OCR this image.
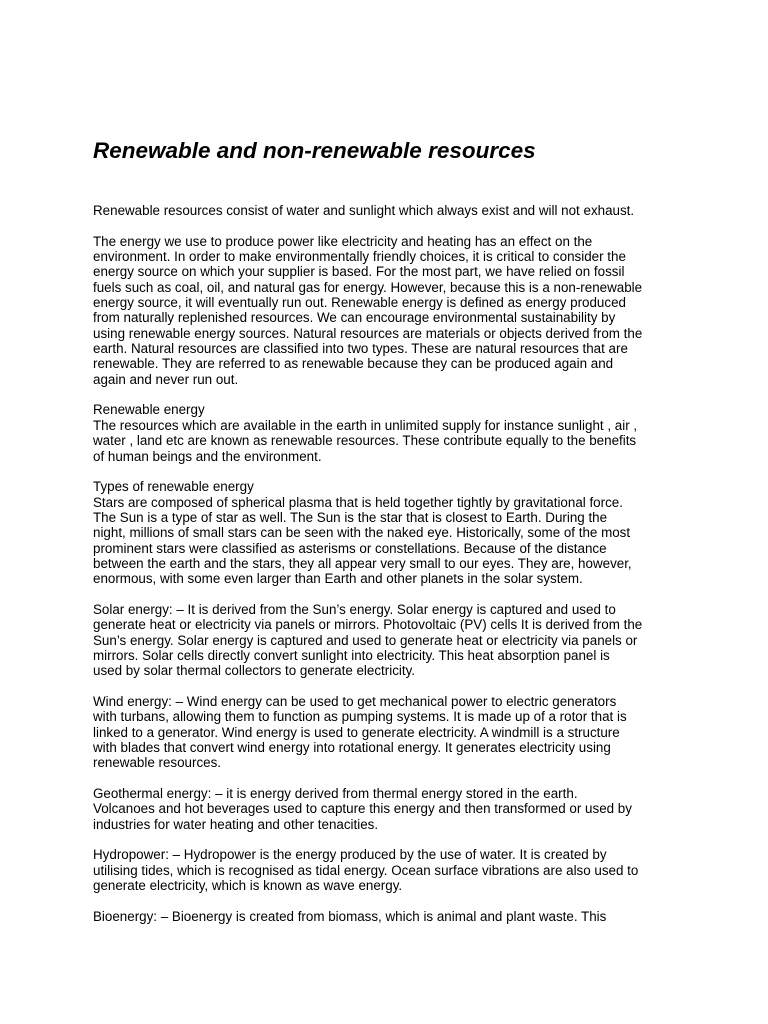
Renewable and non-renewable resources

Renewable resources consist of water and sunlight which always exist and will not exhaust.

The energy we use to produce power like electricity and heating has an effect on the
environment. In order to make environmentally friendly choices, it is critical to consider the
energy source on which your supplier is based. For the most part, we have relied on fossil
fuels such as coal, oil, and natural gas for energy. However, because this is a non-renewable
energy source, it will eventually run out. Renewable energy is defined as energy produced
from naturally replenished resources. We can encourage environmental sustainability by
using renewable energy sources. Natural resources are materials or objects derived from the
earth. Natural resources are classified into two types. These are natural resources that are
renewable. They are referred to as renewable because they can be produced again and
again and never run out.

Renewable energy
The resources which are available in the earth in unlimited supply for instance sunlight , air ,
water , land etc are known as renewable resources. These contribute equally to the benefits
of human beings and the environment.

Types of renewable energy
Stars are composed of spherical plasma that is held together tightly by gravitational force.
The Sun is a type of star as well. The Sun is the star that is closest to Earth. During the
night, millions of small stars can be seen with the naked eye. Historically, some of the most
prominent stars were classified as asterisms or constellations. Because of the distance
between the earth and the stars, they all appear very small to our eyes. They are, however,
enormous, with some even larger than Earth and other planets in the solar system.

Solar energy: – It is derived from the Sun’s energy. Solar energy is captured and used to
generate heat or electricity via panels or mirrors. Photovoltaic (PV) cells It is derived from the
Sun’s energy. Solar energy is captured and used to generate heat or electricity via panels or
mirrors. Solar cells directly convert sunlight into electricity. This heat absorption panel is
used by solar thermal collectors to generate electricity.

Wind energy: – Wind energy can be used to get mechanical power to electric generators
with turbans, allowing them to function as pumping systems. It is made up of a rotor that is
linked to a generator. Wind energy is used to generate electricity. A windmill is a structure
with blades that convert wind energy into rotational energy. It generates electricity using
renewable resources.

Geothermal energy: – it is energy derived from thermal energy stored in the earth.
Volcanoes and hot beverages used to capture this energy and then transformed or used by
industries for water heating and other tenacities.

Hydropower: – Hydropower is the energy produced by the use of water. It is created by
utilising tides, which is recognised as tidal energy. Ocean surface vibrations are also used to
generate electricity, which is known as wave energy.

Bioenergy: – Bioenergy is created from biomass, which is animal and plant waste. This
